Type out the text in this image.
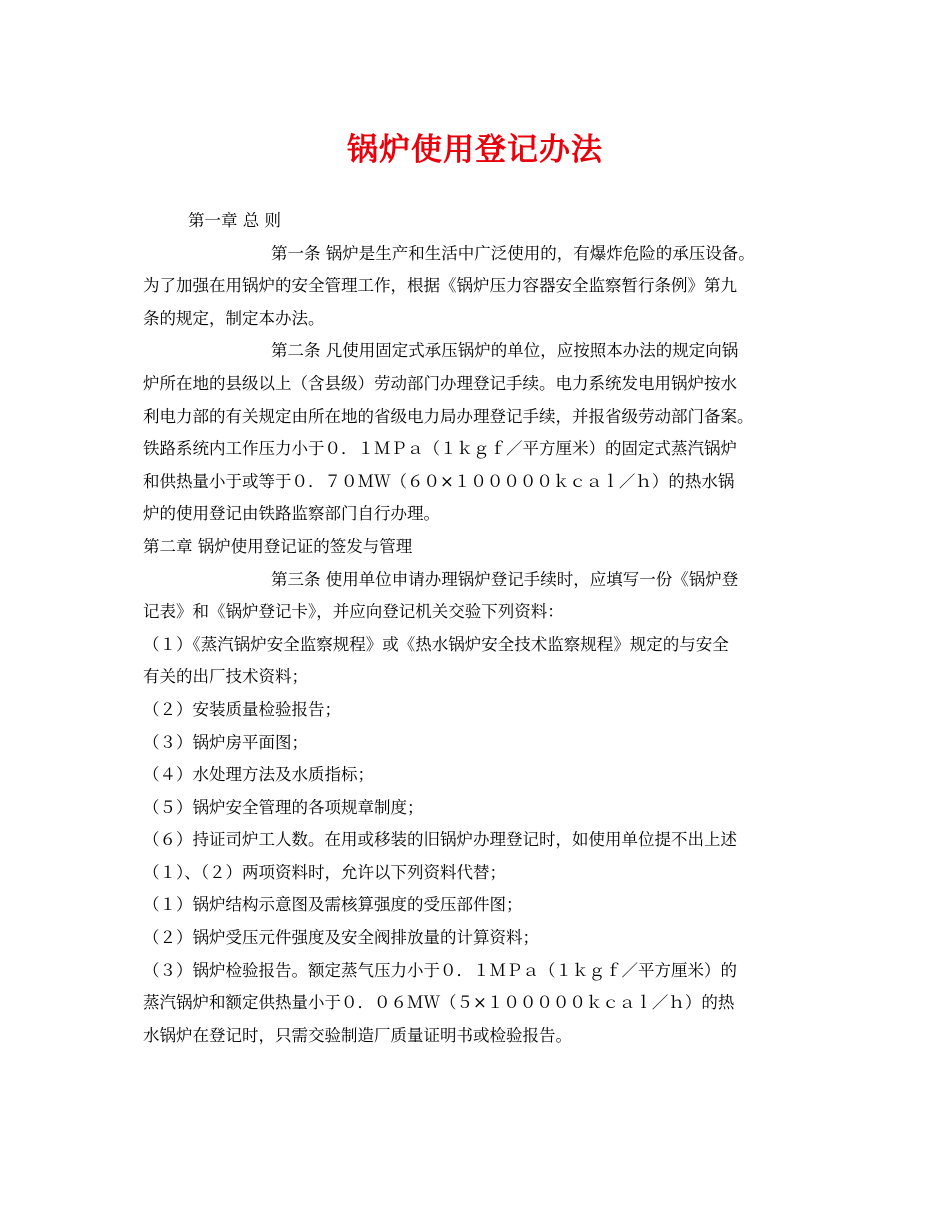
锅炉使用登记办法
第一章 总 则
第一条 锅炉是生产和生活中广泛使用的，有爆炸危险的承压设备。
为了加强在用锅炉的安全管理工作，根据《锅炉压力容器安全监察暂行条例》第九
条的规定，制定本办法。
第二条 凡使用固定式承压锅炉的单位，应按照本办法的规定向锅
炉所在地的县级以上（含县级）劳动部门办理登记手续。电力系统发电用锅炉按水
利电力部的有关规定由所在地的省级电力局办理登记手续，并报省级劳动部门备案。
铁路系统内工作压力小于０．１ＭＰａ（１ｋｇｆ／平方厘米）的固定式蒸汽锅炉
和供热量小于或等于０．７０ＭＷ（６０×１０００００ｋｃａｌ／ｈ）的热水锅
炉的使用登记由铁路监察部门自行办理。
第二章 锅炉使用登记证的签发与管理
第三条 使用单位申请办理锅炉登记手续时，应填写一份《锅炉登
记表》和《锅炉登记卡》，并应向登记机关交验下列资料：
（１）《蒸汽锅炉安全监察规程》或《热水锅炉安全技术监察规程》规定的与安全
有关的出厂技术资料；
（２）安装质量检验报告；
（３）锅炉房平面图；
（４）水处理方法及水质指标；
（５）锅炉安全管理的各项规章制度；
（６）持证司炉工人数。在用或移装的旧锅炉办理登记时，如使用单位提不出上述
（１）、（２）两项资料时，允许以下列资料代替；
（１）锅炉结构示意图及需核算强度的受压部件图；
（２）锅炉受压元件强度及安全阀排放量的计算资料；
（３）锅炉检验报告。额定蒸气压力小于０．１ＭＰａ（１ｋｇｆ／平方厘米）的
蒸汽锅炉和额定供热量小于０．０６ＭＷ（５×１０００００ｋｃａｌ／ｈ）的热
水锅炉在登记时，只需交验制造厂质量证明书或检验报告。
